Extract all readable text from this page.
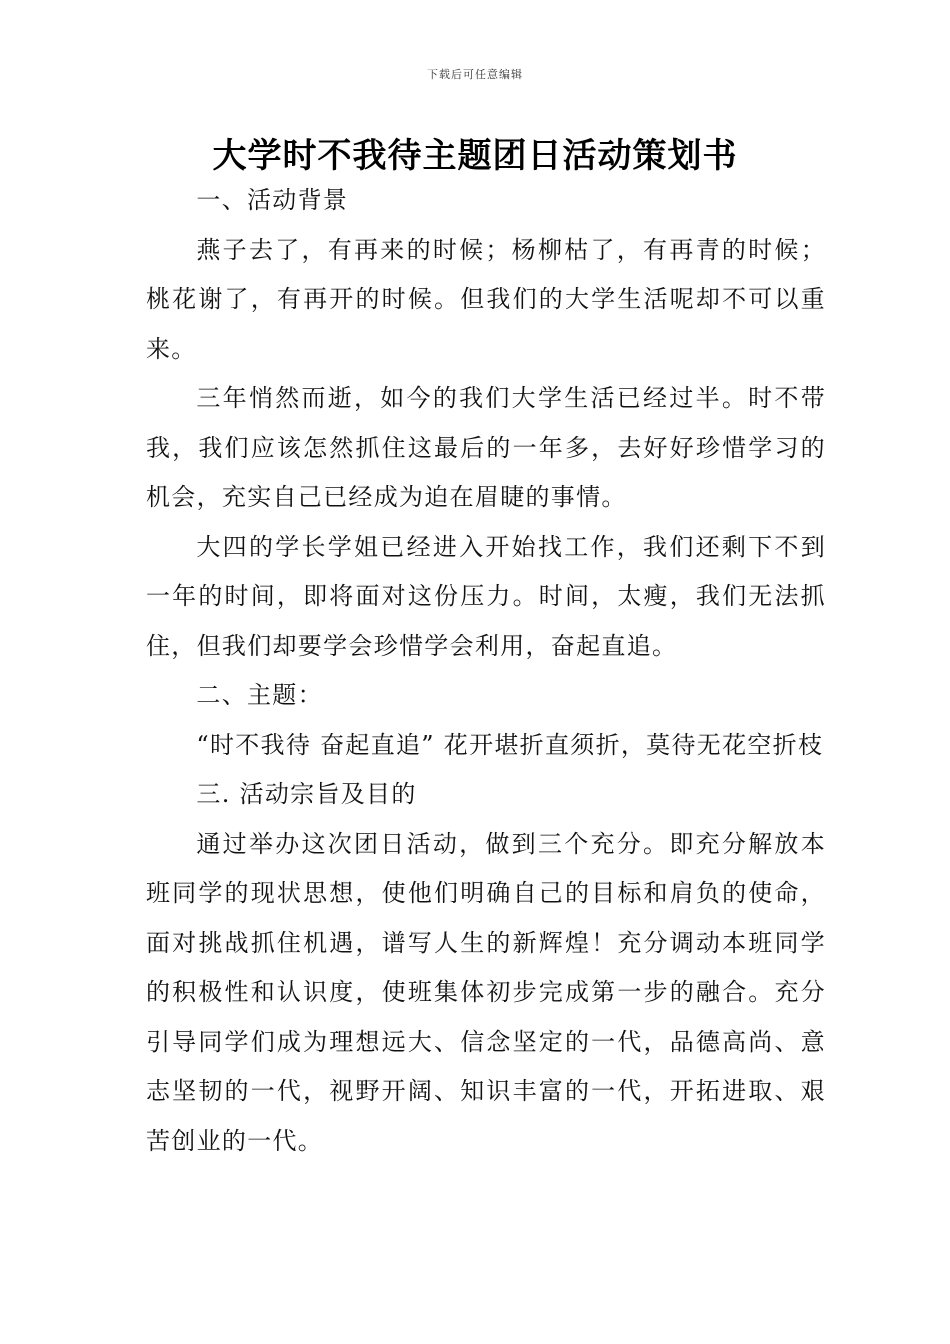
下载后可任意编辑
大学时不我待主题团日活动策划书

一、活动背景

燕子去了，有再来的时候；杨柳枯了，有再青的时候；桃花谢了，有再开的时候。但我们的大学生活呢却不可以重来。

三年悄然而逝，如今的我们大学生活已经过半。时不带我，我们应该怎然抓住这最后的一年多，去好好珍惜学习的机会，充实自己已经成为迫在眉睫的事情。

大四的学长学姐已经进入开始找工作，我们还剩下不到一年的时间，即将面对这份压力。时间，太瘦，我们无法抓住，但我们却要学会珍惜学会利用，奋起直追。

二、主题：

“时不我待 奋起直追” 花开堪折直须折，莫待无花空折枝

三. 活动宗旨及目的

通过举办这次团日活动，做到三个充分。即充分解放本班同学的现状思想，使他们明确自己的目标和肩负的使命，面对挑战抓住机遇，谱写人生的新辉煌！充分调动本班同学的积极性和认识度，使班集体初步完成第一步的融合。充分引导同学们成为理想远大、信念坚定的一代，品德高尚、意志坚韧的一代，视野开阔、知识丰富的一代，开拓进取、艰苦创业的一代。
